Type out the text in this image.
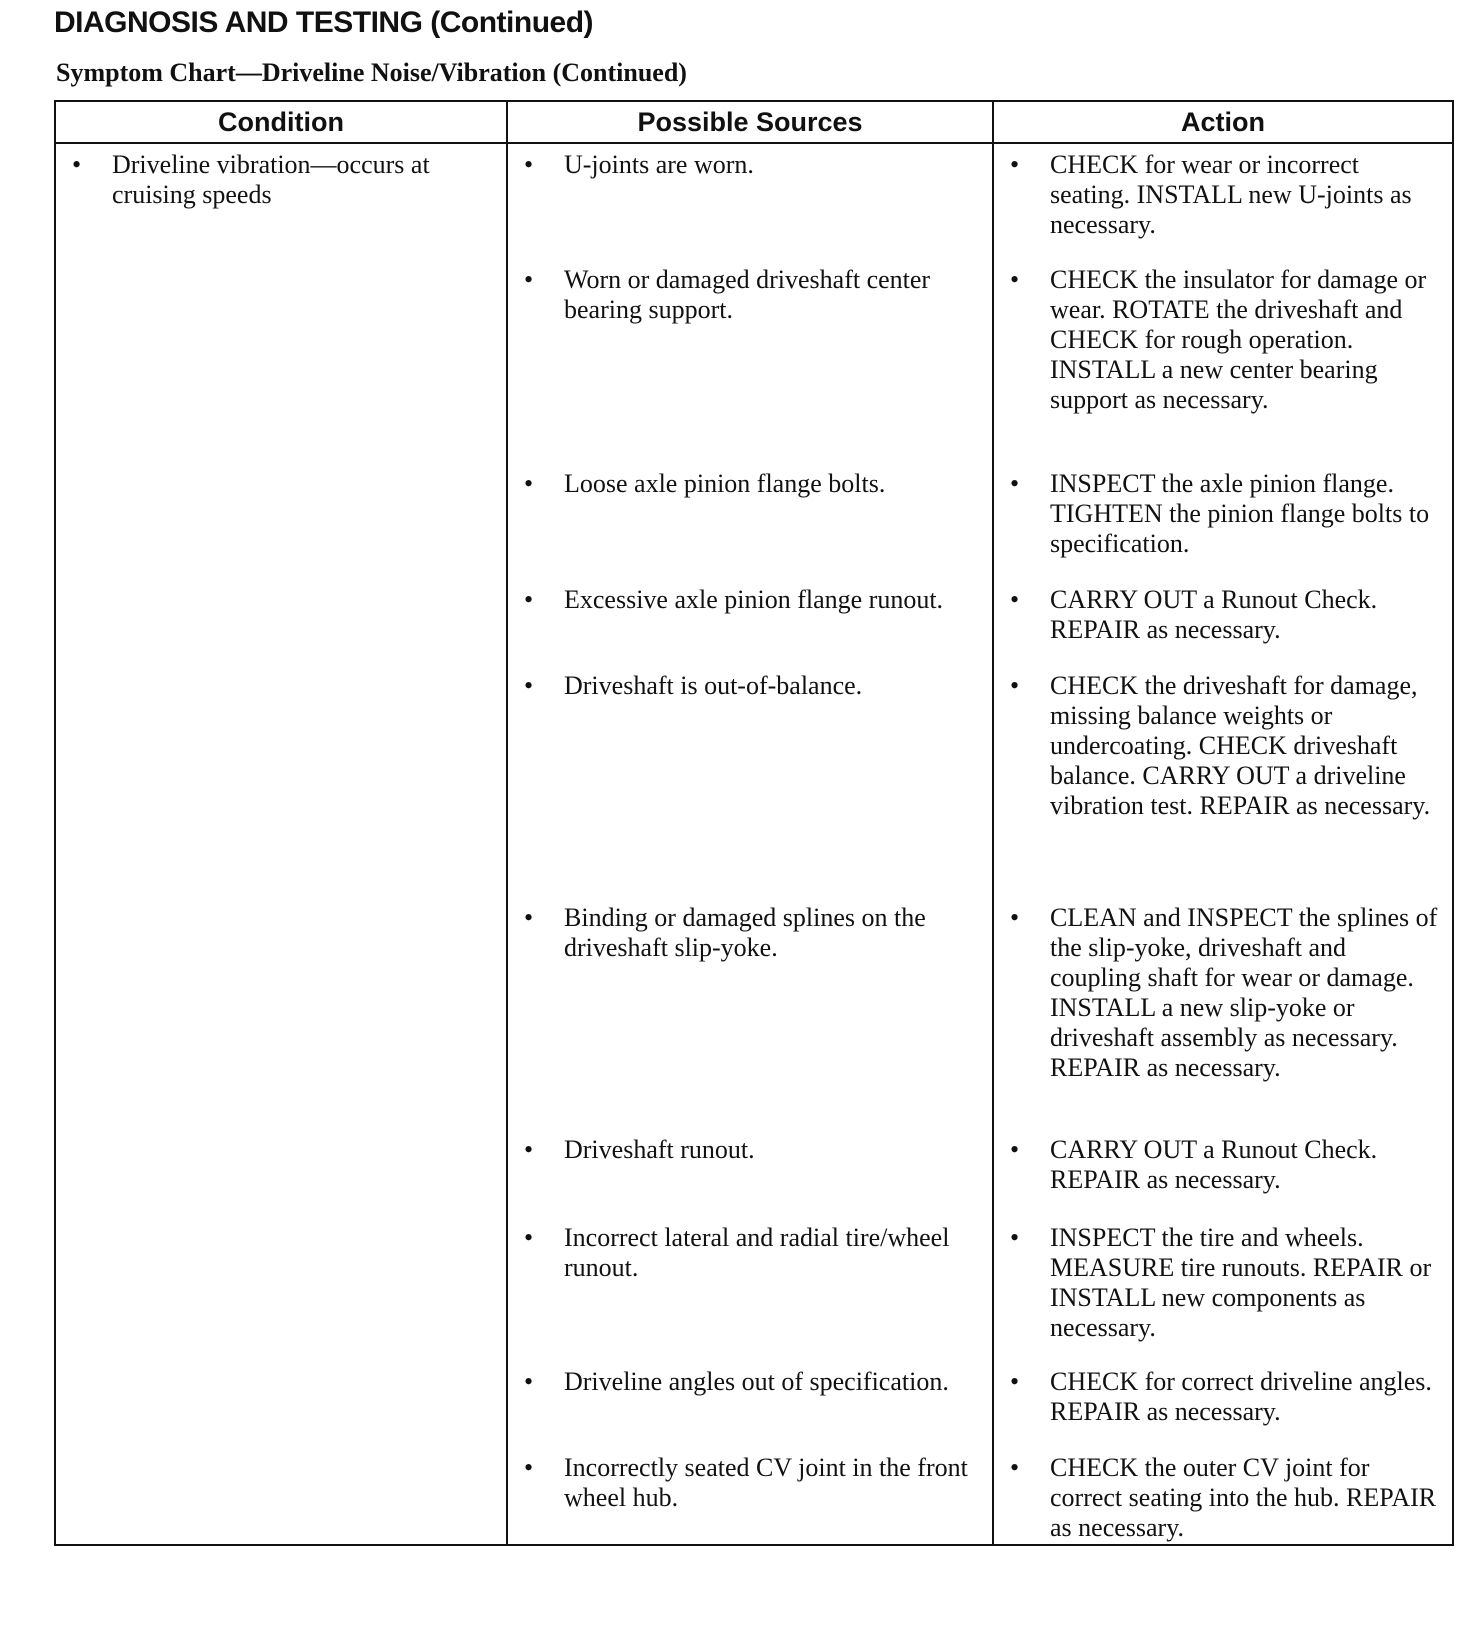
DIAGNOSIS AND TESTING (Continued)
Symptom Chart—Driveline Noise/Vibration (Continued)
Condition	Possible Sources	Action

• Driveline vibration—occurs at cruising speeds	• U-joints are worn.	• CHECK for wear or incorrect seating. INSTALL new U-joints as necessary.

	• Worn or damaged driveshaft center bearing support.	• CHECK the insulator for damage or wear. ROTATE the driveshaft and CHECK for rough operation. INSTALL a new center bearing support as necessary.

	• Loose axle pinion flange bolts.	• INSPECT the axle pinion flange. TIGHTEN the pinion flange bolts to specification.

	• Excessive axle pinion flange runout.	• CARRY OUT a Runout Check. REPAIR as necessary.

	• Driveshaft is out-of-balance.	• CHECK the driveshaft for damage, missing balance weights or undercoating. CHECK driveshaft balance. CARRY OUT a driveline vibration test. REPAIR as necessary.

	• Binding or damaged splines on the driveshaft slip-yoke.	• CLEAN and INSPECT the splines of the slip-yoke, driveshaft and coupling shaft for wear or damage. INSTALL a new slip-yoke or driveshaft assembly as necessary. REPAIR as necessary.

	• Driveshaft runout.	• CARRY OUT a Runout Check. REPAIR as necessary.

	• Incorrect lateral and radial tire/wheel runout.	• INSPECT the tire and wheels. MEASURE tire runouts. REPAIR or INSTALL new components as necessary.

	• Driveline angles out of specification.	• CHECK for correct driveline angles. REPAIR as necessary.

	• Incorrectly seated CV joint in the front wheel hub.	• CHECK the outer CV joint for correct seating into the hub. REPAIR as necessary.
